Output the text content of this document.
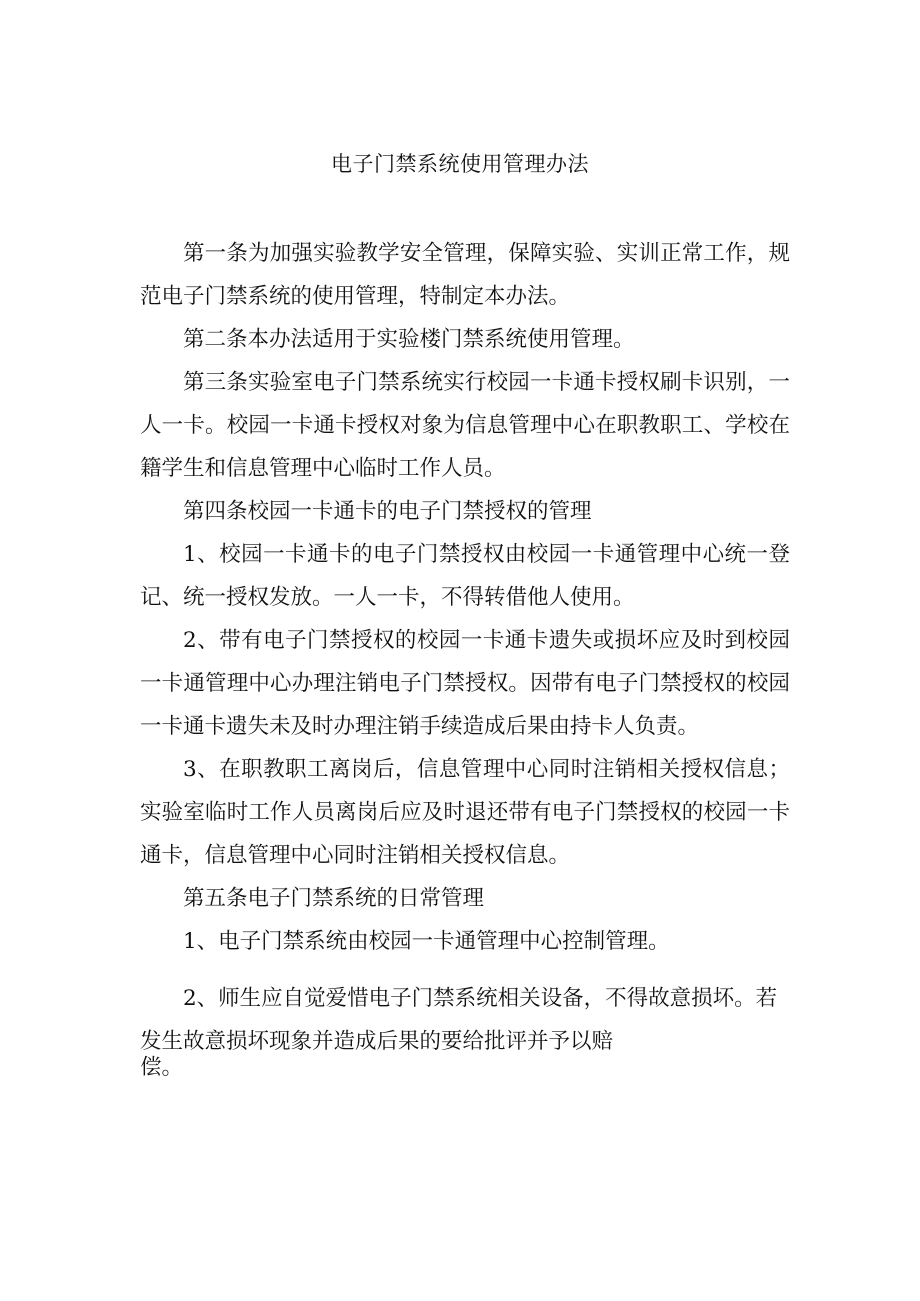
电子门禁系统使用管理办法

第一条为加强实验教学安全管理，保障实验、实训正常工作，规范电子门禁系统的使用管理，特制定本办法。

第二条本办法适用于实验楼门禁系统使用管理。

第三条实验室电子门禁系统实行校园一卡通卡授权刷卡识别，一人一卡。校园一卡通卡授权对象为信息管理中心在职教职工、学校在籍学生和信息管理中心临时工作人员。

第四条校园一卡通卡的电子门禁授权的管理

1、校园一卡通卡的电子门禁授权由校园一卡通管理中心统一登记、统一授权发放。一人一卡，不得转借他人使用。

2、带有电子门禁授权的校园一卡通卡遗失或损坏应及时到校园一卡通管理中心办理注销电子门禁授权。因带有电子门禁授权的校园一卡通卡遗失未及时办理注销手续造成后果由持卡人负责。

3、在职教职工离岗后，信息管理中心同时注销相关授权信息；实验室临时工作人员离岗后应及时退还带有电子门禁授权的校园一卡通卡，信息管理中心同时注销相关授权信息。

第五条电子门禁系统的日常管理

1、电子门禁系统由校园一卡通管理中心控制管理。

2、师生应自觉爱惜电子门禁系统相关设备，不得故意损坏。若发生故意损坏现象并造成后果的要给批评并予以赔

偿。
